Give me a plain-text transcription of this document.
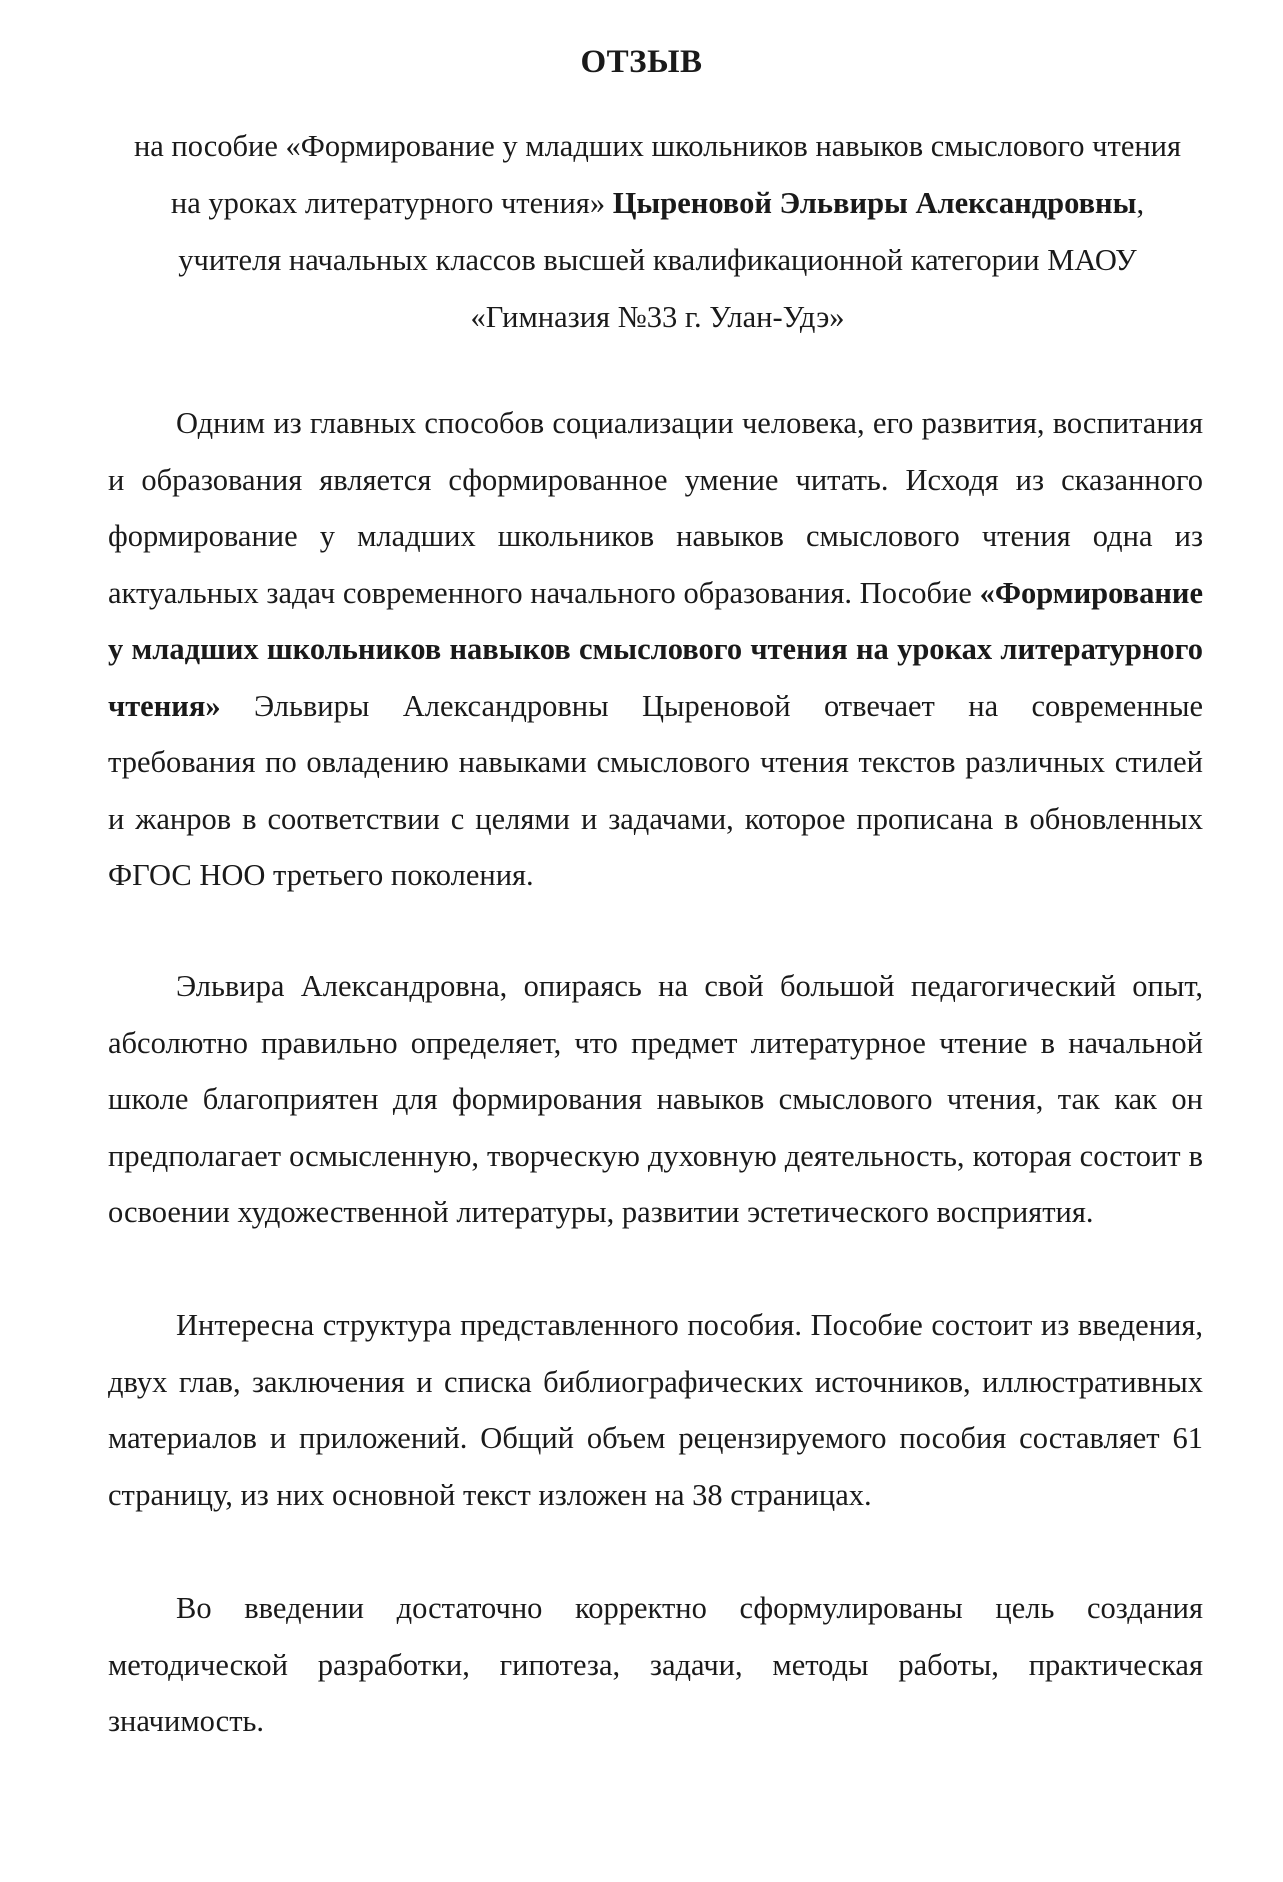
ОТЗЫВ
на пособие «Формирование у младших школьников навыков смыслового чтения на уроках литературного чтения» Цыреновой Эльвиры Александровны, учителя начальных классов высшей квалификационной категории МАОУ «Гимназия №33 г. Улан-Удэ»

Одним из главных способов социализации человека, его развития, воспитания и образования является сформированное умение читать. Исходя из сказанного формирование у младших школьников навыков смыслового чтения одна из актуальных задач современного начального образования. Пособие «Формирование у младших школьников навыков смыслового чтения на уроках литературного чтения» Эльвиры Александровны Цыреновой отвечает на современные требования по овладению навыками смыслового чтения текстов различных стилей и жанров в соответствии с целями и задачами, которое прописана в обновленных ФГОС НОО третьего поколения.

Эльвира Александровна, опираясь на свой большой педагогический опыт, абсолютно правильно определяет, что предмет литературное чтение в начальной школе благоприятен для формирования навыков смыслового чтения, так как он предполагает осмысленную, творческую духовную деятельность, которая состоит в освоении художественной литературы, развитии эстетического восприятия.

Интересна структура представленного пособия. Пособие состоит из введения, двух глав, заключения и списка библиографических источников, иллюстративных материалов и приложений. Общий объем рецензируемого пособия составляет 61 страницу, из них основной текст изложен на 38 страницах.

Во введении достаточно корректно сформулированы цель создания методической разработки, гипотеза, задачи, методы работы, практическая значимость.
